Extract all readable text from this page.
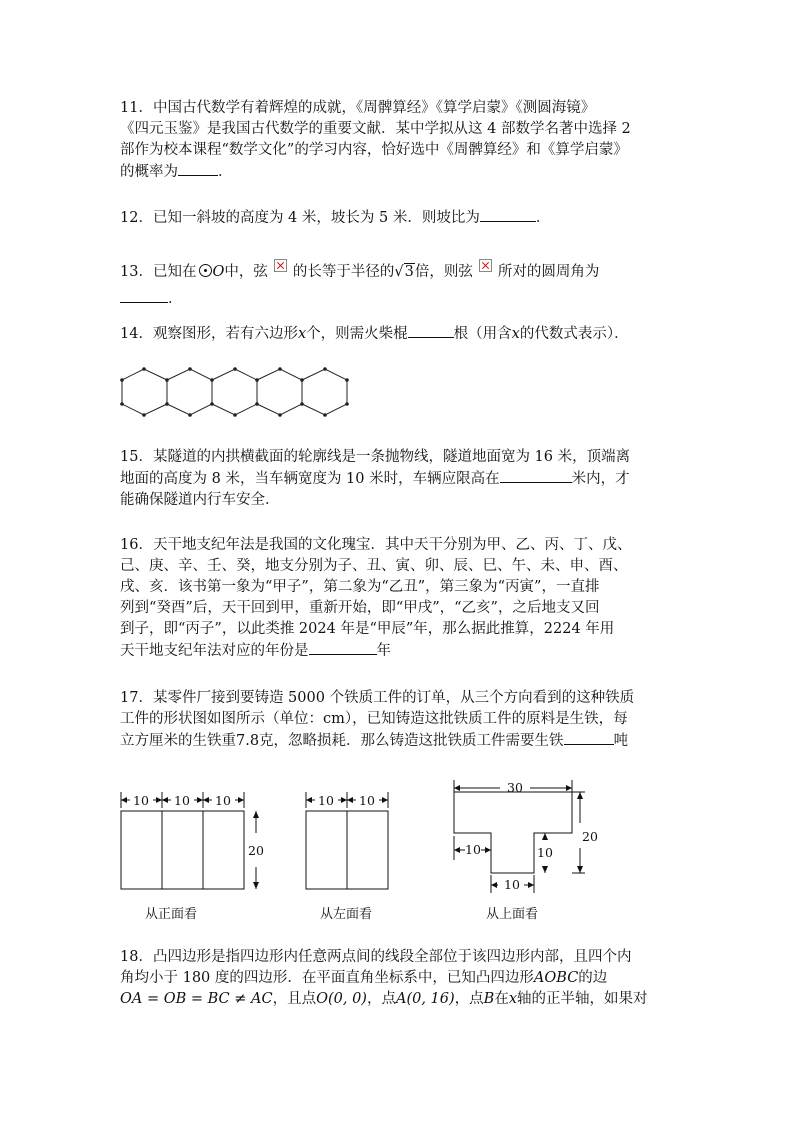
11．中国古代数学有着辉煌的成就，《周髀算经》《算学启蒙》《测圆海镜》

《四元玉鉴》是我国古代数学的重要文献．某中学拟从这 4 部数学名著中选择 2

部作为校本课程“数学文化”的学习内容，恰好选中《周髀算经》和《算学启蒙》

的概率为	．

12．已知一斜坡的高度为 4 米，坡长为 5 米．则坡比为	．

13．已知在 O中，弦 的长等于半径的√3倍，则弦 所对的圆周角为

．

14．观察图形，若有六边形x个，则需火柴棍	根（用含x的代数式表示）．

15．某隧道的内拱横截面的轮廓线是一条抛物线，隧道地面宽为 16 米，顶端离

地面的高度为 8 米，当车辆宽度为 10 米时，车辆应限高在	米内，才

能确保隧道内行车安全．

16．天干地支纪年法是我国的文化瑰宝．其中天干分别为甲、乙、丙、丁、戊、

己、庚、辛、壬、癸，地支分别为子、丑、寅、卯、辰、巳、午、未、申、酉、

戌、亥．该书第一象为“甲子”，第二象为“乙丑”，第三象为“丙寅”，一直排

列到“癸酉”后，天干回到甲，重新开始，即“甲戌”，“乙亥”，之后地支又回

到子，即“丙子”，以此类推 2024 年是“甲辰”年，那么据此推算，2224 年用

天干地支纪年法对应的年份是	年

17．某零件厂接到要铸造 5000 个铁质工件的订单，从三个方向看到的这种铁质

工件的形状图如图所示（单位：cm），已知铸造这批铁质工件的原料是生铁，每

立方厘米的生铁重7.8克，忽略损耗．那么铸造这批铁质工件需要生铁	吨

10 10 10
20
10 10
30
20
10	10
10
从正面看	从左面看	从上面看

18．凸四边形是指四边形内任意两点间的线段全部位于该四边形内部，且四个内

角均小于 180 度的四边形．在平面直角坐标系中，已知凸四边形AOBC的边

OA = OB = BC ≠ AC，且点O(0, 0)，点A(0, 16)，点B在x轴的正半轴，如果对
